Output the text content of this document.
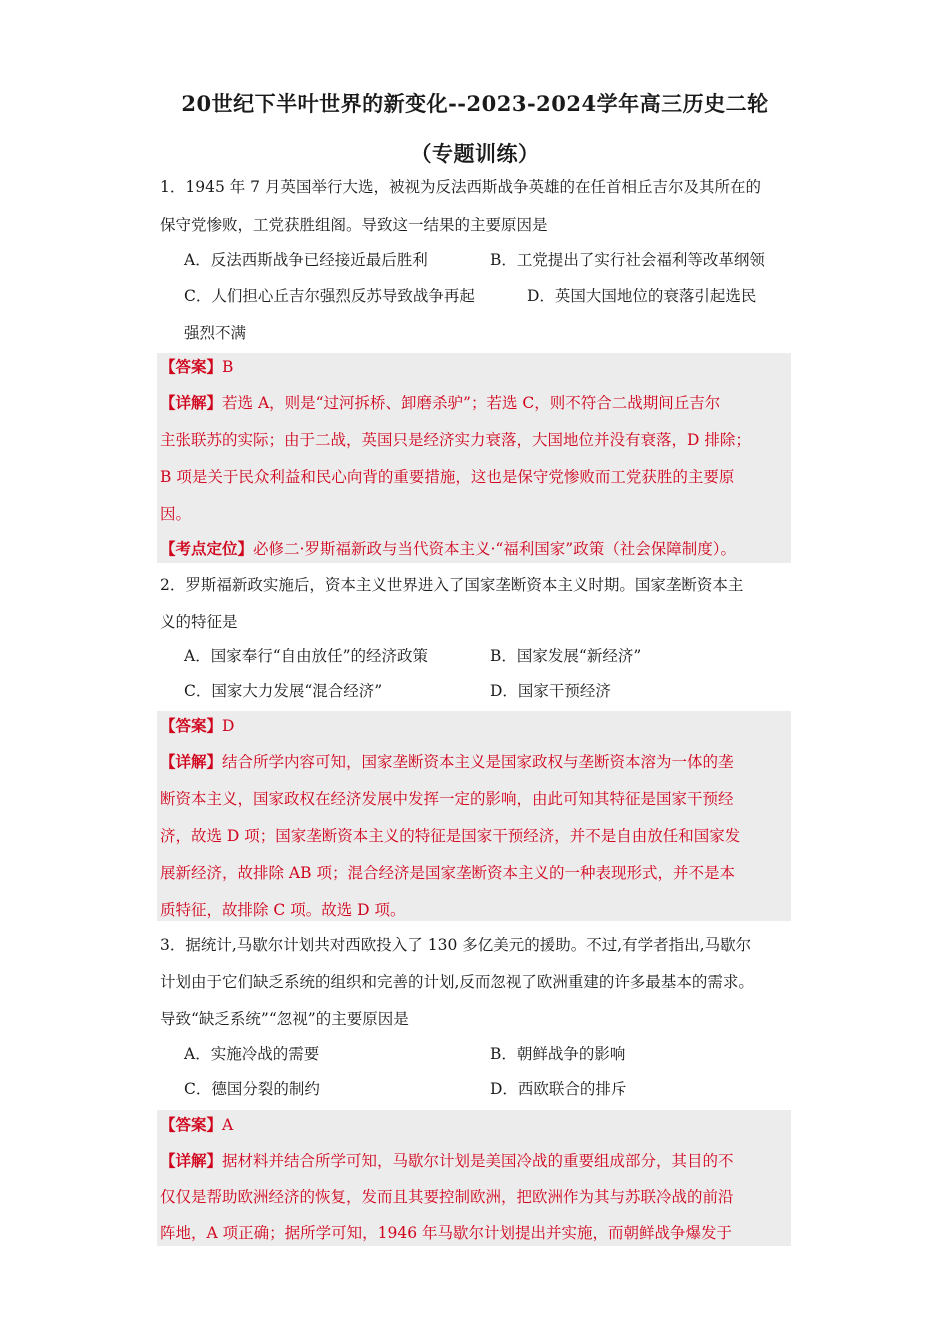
20世纪下半叶世界的新变化--2023-2024学年高三历史二轮
（专题训练）
1．1945 年 7 月英国举行大选，被视为反法西斯战争英雄的在任首相丘吉尔及其所在的
保守党惨败，工党获胜组阁。导致这一结果的主要原因是
A．反法西斯战争已经接近最后胜利	B．工党提出了实行社会福利等改革纲领
C．人们担心丘吉尔强烈反苏导致战争再起	D．英国大国地位的衰落引起选民
强烈不满
【答案】B
【详解】若选 A，则是“过河拆桥、卸磨杀驴”；若选 C，则不符合二战期间丘吉尔
主张联苏的实际；由于二战，英国只是经济实力衰落，大国地位并没有衰落，D 排除；
B 项是关于民众利益和民心向背的重要措施，这也是保守党惨败而工党获胜的主要原
因。
【考点定位】必修二·罗斯福新政与当代资本主义·“福利国家”政策（社会保障制度）。
2．罗斯福新政实施后，资本主义世界进入了国家垄断资本主义时期。国家垄断资本主
义的特征是
A．国家奉行“自由放任”的经济政策	B．国家发展“新经济”
C．国家大力发展“混合经济”	D．国家干预经济
【答案】D
【详解】结合所学内容可知，国家垄断资本主义是国家政权与垄断资本溶为一体的垄
断资本主义，国家政权在经济发展中发挥一定的影响，由此可知其特征是国家干预经
济，故选 D 项；国家垄断资本主义的特征是国家干预经济，并不是自由放任和国家发
展新经济，故排除 AB 项；混合经济是国家垄断资本主义的一种表现形式，并不是本
质特征，故排除 C 项。故选 D 项。
3．据统计,马歇尔计划共对西欧投入了 130 多亿美元的援助。不过,有学者指出,马歇尔
计划由于它们缺乏系统的组织和完善的计划,反而忽视了欧洲重建的许多最基本的需求。
导致“缺乏系统”“忽视”的主要原因是
A．实施冷战的需要	B．朝鲜战争的影响
C．德国分裂的制约	D．西欧联合的排斥
【答案】A
【详解】据材料并结合所学可知，马歇尔计划是美国冷战的重要组成部分，其目的不
仅仅是帮助欧洲经济的恢复，发而且其要控制欧洲，把欧洲作为其与苏联冷战的前沿
阵地，A 项正确；据所学可知，1946 年马歇尔计划提出并实施，而朝鲜战争爆发于
